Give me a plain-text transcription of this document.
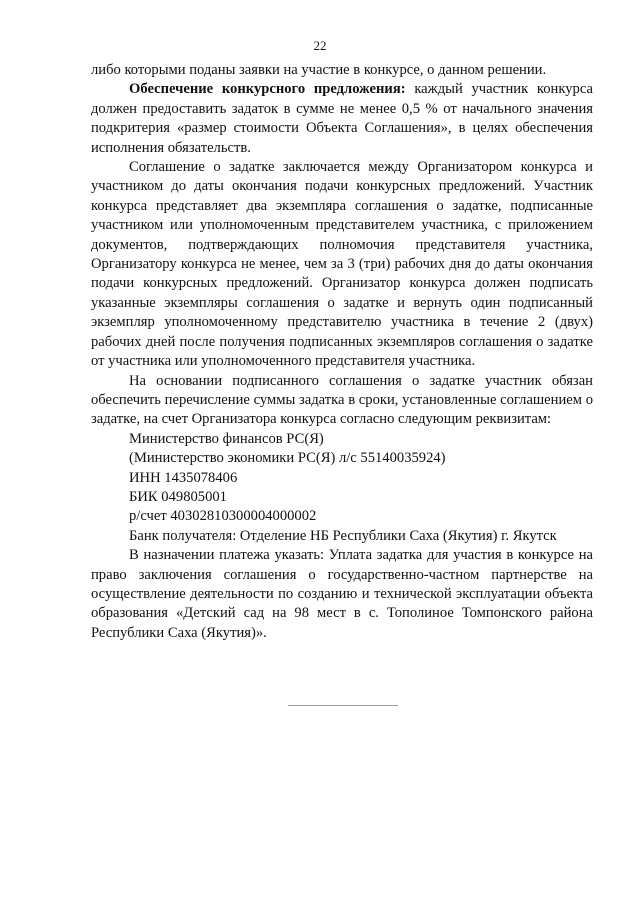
22

либо которыми поданы заявки на участие в конкурсе, о данном решении.

Обеспечение конкурсного предложения: каждый участник конкурса должен предоставить задаток в сумме не менее 0,5 % от начального значения подкритерия «размер стоимости Объекта Соглашения», в целях обеспечения исполнения обязательств.

Соглашение о задатке заключается между Организатором конкурса и участником до даты окончания подачи конкурсных предложений. Участник конкурса представляет два экземпляра соглашения о задатке, подписанные участником или уполномоченным представителем участника, с приложением документов, подтверждающих полномочия представителя участника, Организатору конкурса не менее, чем за 3 (три) рабочих дня до даты окончания подачи конкурсных предложений. Организатор конкурса должен подписать указанные экземпляры соглашения о задатке и вернуть один подписанный экземпляр уполномоченному представителю участника в течение 2 (двух) рабочих дней после получения подписанных экземпляров соглашения о задатке от участника или уполномоченного представителя участника.

На основании подписанного соглашения о задатке участник обязан обеспечить перечисление суммы задатка в сроки, установленные соглашением о задатке, на счет Организатора конкурса согласно следующим реквизитам:

Министерство финансов РС(Я)

(Министерство экономики РС(Я) л/с 55140035924)

ИНН 1435078406

БИК 049805001

р/счет 40302810300004000002

Банк получателя: Отделение НБ Республики Саха (Якутия) г. Якутск

В назначении платежа указать: Уплата задатка для участия в конкурсе на право заключения соглашения о государственно-частном партнерстве на осуществление деятельности по созданию и технической эксплуатации объекта образования «Детский сад на 98 мест в с. Тополиное Томпонского района Республики Саха (Якутия)».
